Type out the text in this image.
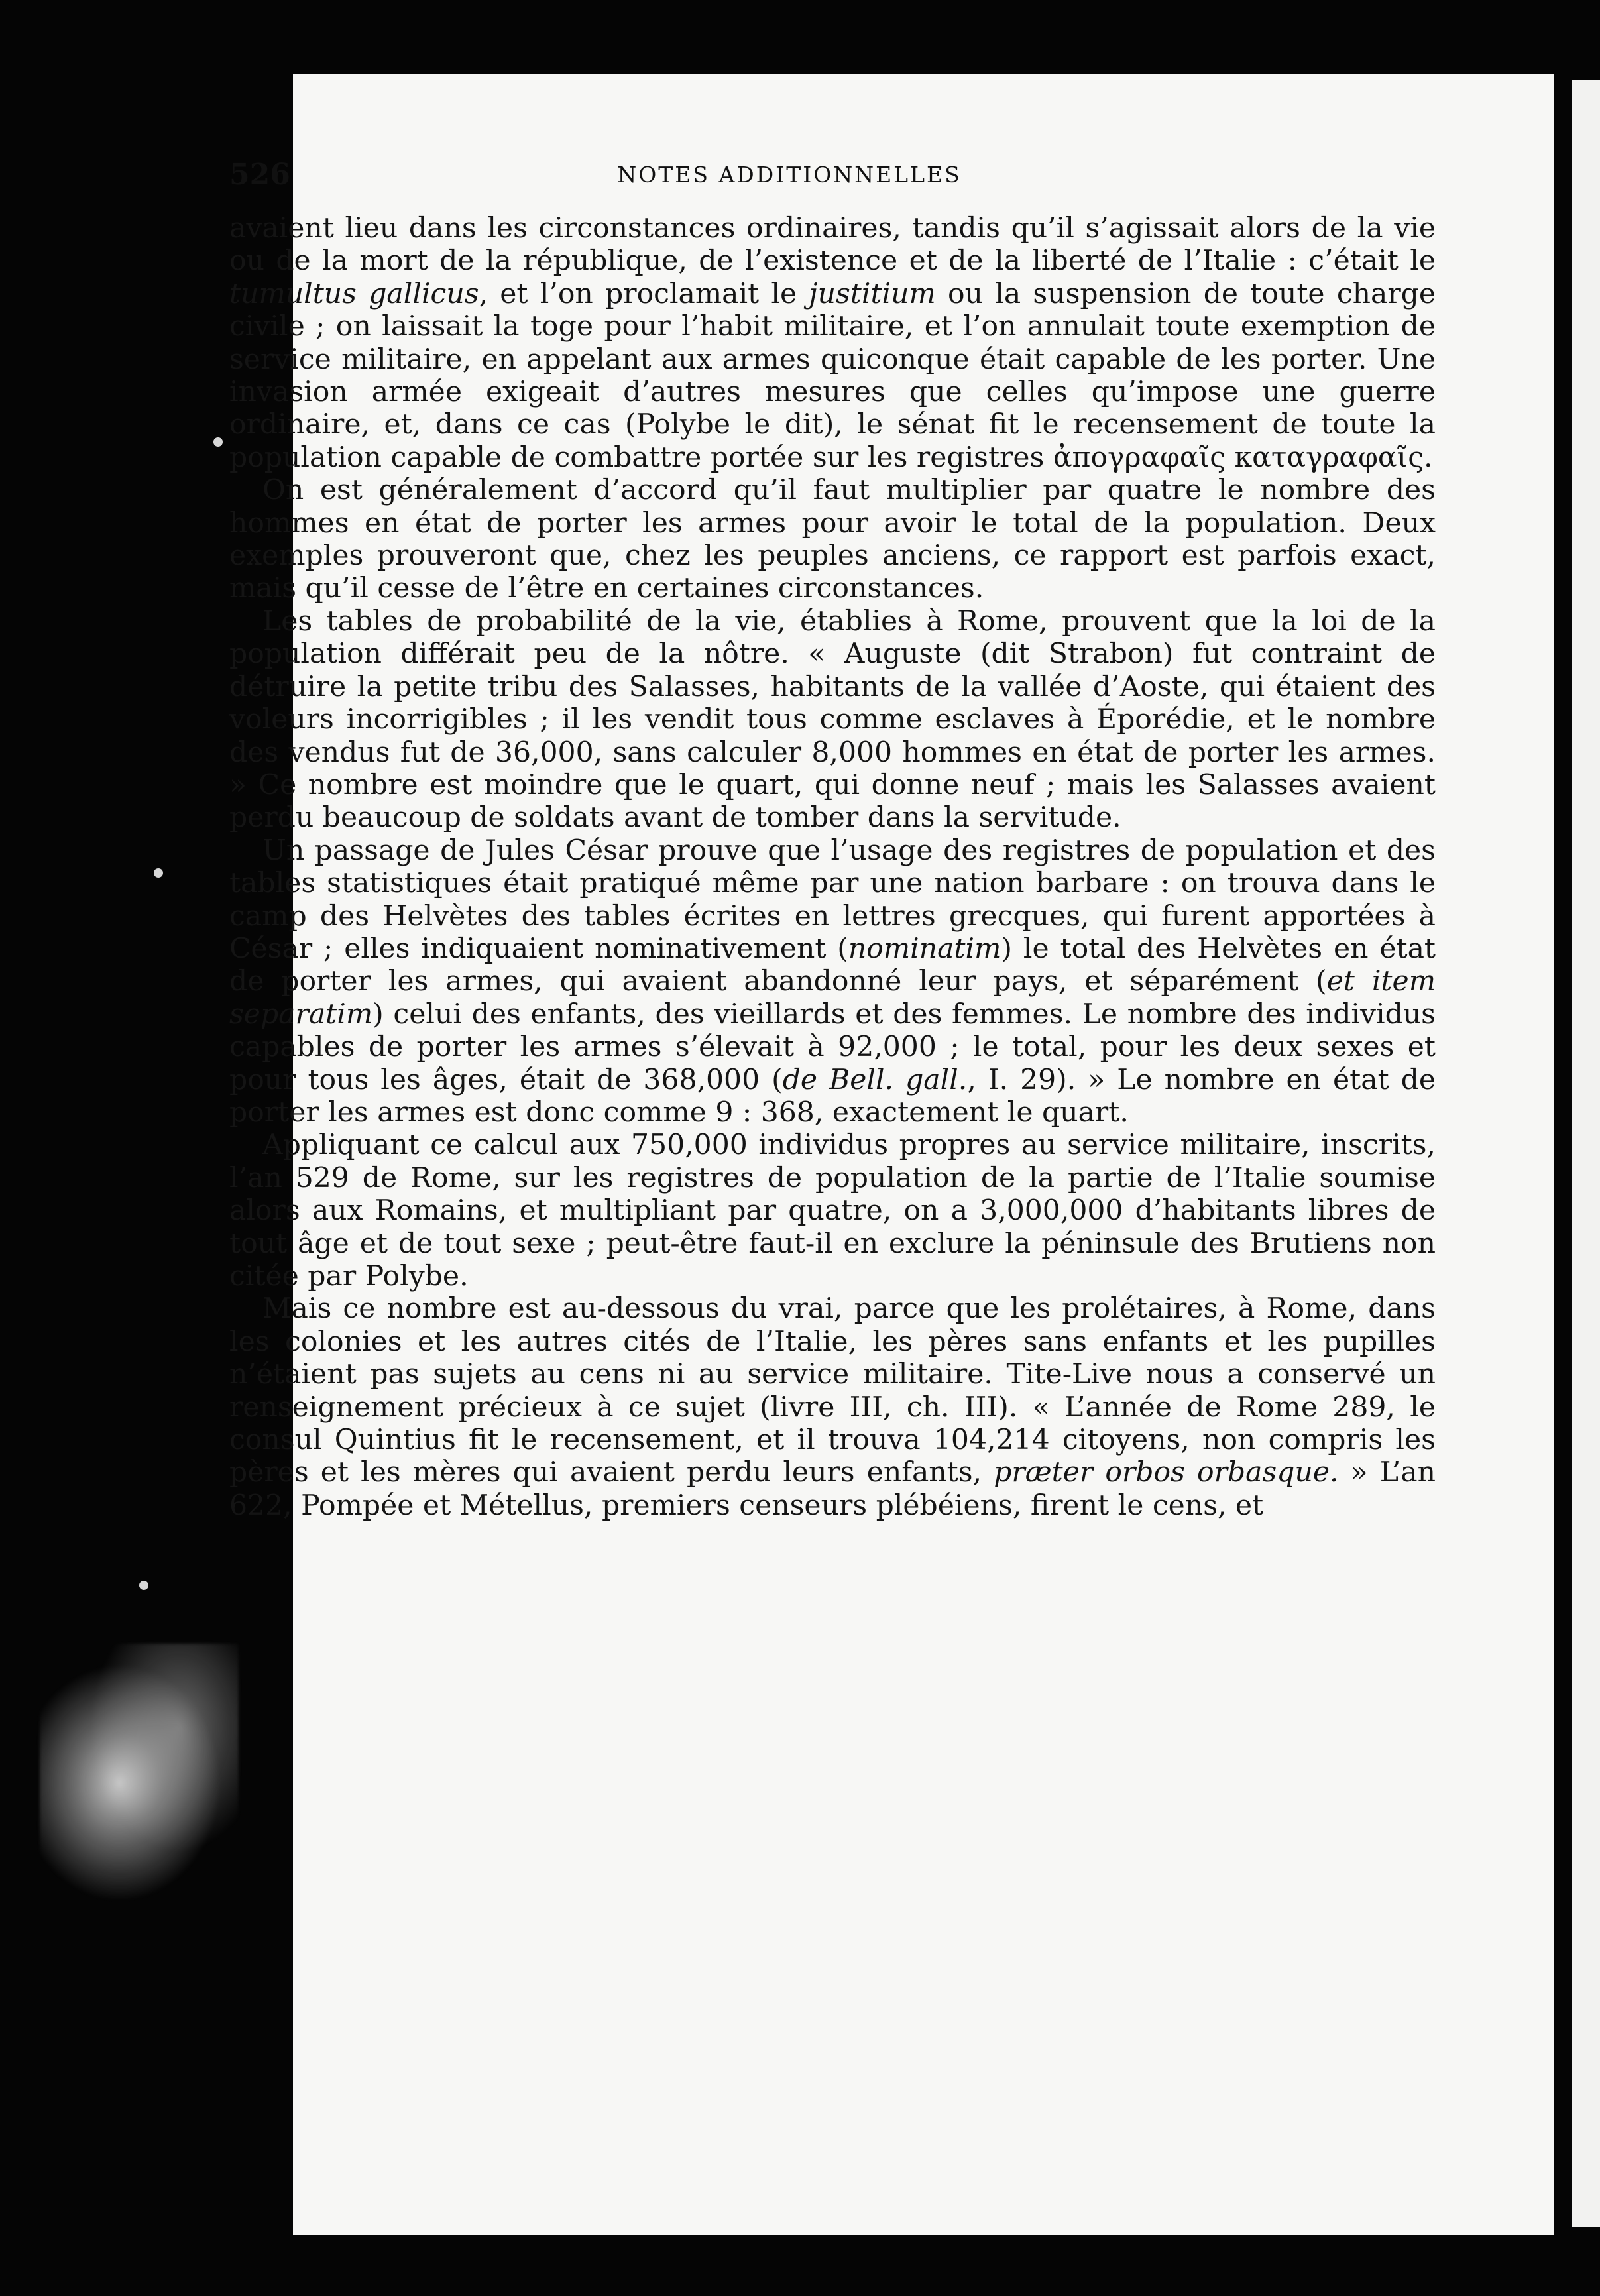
526	NOTES ADDITIONNELLES

avaient lieu dans les circonstances ordinaires, tandis qu’il s’agissait alors de la vie ou de la mort de la république, de l’existence et de la liberté de l’Italie : c’était le tumultus gallicus, et l’on proclamait le justitium ou la suspension de toute charge civile ; on laissait la toge pour l’habit militaire, et l’on annulait toute exemption de service militaire, en appelant aux armes quiconque était capable de les porter. Une invasion armée exigeait d’autres mesures que celles qu’impose une guerre ordinaire, et, dans ce cas (Polybe le dit), le sénat fit le recensement de toute la population capable de combattre portée sur les registres ἀπογραφαῖς καταγραφαῖς.

On est généralement d’accord qu’il faut multiplier par quatre le nombre des hommes en état de porter les armes pour avoir le total de la population. Deux exemples prouveront que, chez les peuples anciens, ce rapport est parfois exact, mais qu’il cesse de l’être en certaines circonstances.

Les tables de probabilité de la vie, établies à Rome, prouvent que la loi de la population différait peu de la nôtre. « Auguste (dit Strabon) fut contraint de détruire la petite tribu des Salasses, habitants de la vallée d’Aoste, qui étaient des voleurs incorrigibles ; il les vendit tous comme esclaves à Éporédie, et le nombre des vendus fut de 36,000, sans calculer 8,000 hommes en état de porter les armes. » Ce nombre est moindre que le quart, qui donne neuf ; mais les Salasses avaient perdu beaucoup de soldats avant de tomber dans la servitude.

Un passage de Jules César prouve que l’usage des registres de population et des tables statistiques était pratiqué même par une nation barbare : on trouva dans le camp des Helvètes des tables écrites en lettres grecques, qui furent apportées à César ; elles indiquaient nominativement (nominatim) le total des Helvètes en état de porter les armes, qui avaient abandonné leur pays, et séparément (et item separatim) celui des enfants, des vieillards et des femmes. Le nombre des individus capables de porter les armes s’élevait à 92,000 ; le total, pour les deux sexes et pour tous les âges, était de 368,000 (de Bell. gall., I. 29). » Le nombre en état de porter les armes est donc comme 9 : 368, exactement le quart.

Appliquant ce calcul aux 750,000 individus propres au service militaire, inscrits, l’an 529 de Rome, sur les registres de population de la partie de l’Italie soumise alors aux Romains, et multipliant par quatre, on a 3,000,000 d’habitants libres de tout âge et de tout sexe ; peut-être faut-il en exclure la péninsule des Brutiens non citée par Polybe.

Mais ce nombre est au-dessous du vrai, parce que les prolétaires, à Rome, dans les colonies et les autres cités de l’Italie, les pères sans enfants et les pupilles n’étaient pas sujets au cens ni au service militaire. Tite-Live nous a conservé un renseignement précieux à ce sujet (livre III, ch. III). « L’année de Rome 289, le consul Quintius fit le recensement, et il trouva 104,214 citoyens, non compris les pères et les mères qui avaient perdu leurs enfants, præter orbos orbasque. » L’an 622, Pompée et Métellus, premiers censeurs plébéiens, firent le cens, et
